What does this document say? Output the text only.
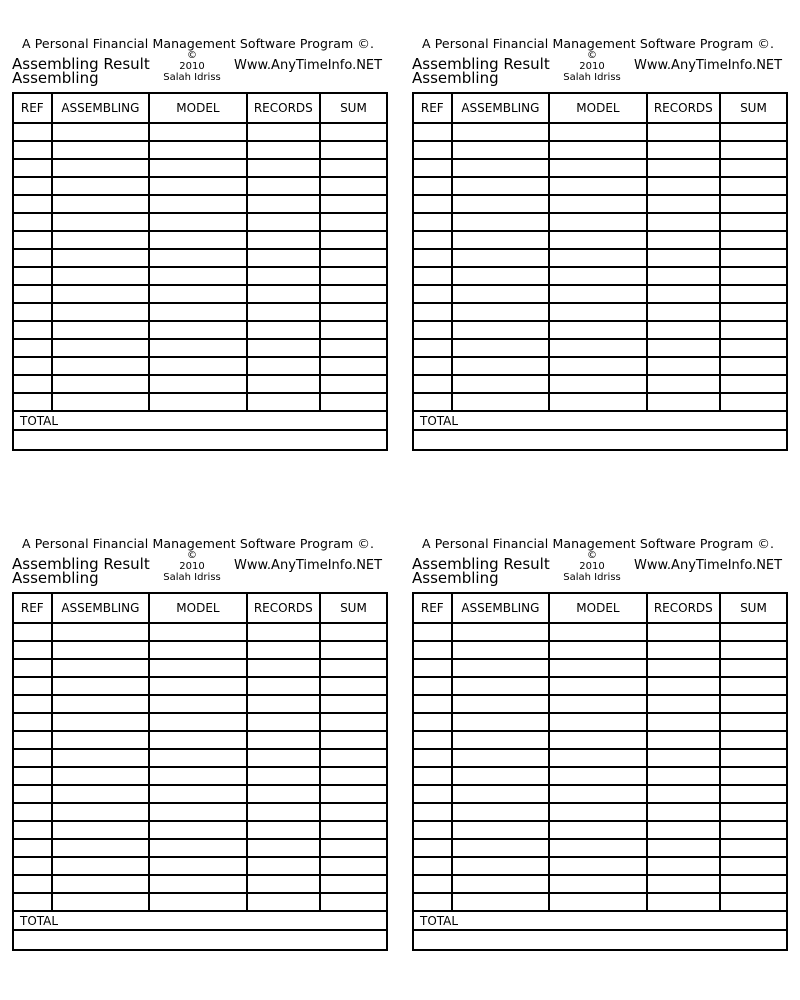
A Personal Financial Management Software Program ©.
Assembling Result
Assembling
©
2010
Salah Idriss
Www.AnyTimeInfo.NET
REF	ASSEMBLING	MODEL	RECORDS	SUM

TOTAL				

A Personal Financial Management Software Program ©.
Assembling Result
Assembling
©
2010
Salah Idriss
Www.AnyTimeInfo.NET
REF	ASSEMBLING	MODEL	RECORDS	SUM

TOTAL				

A Personal Financial Management Software Program ©.
Assembling Result
Assembling
©
2010
Salah Idriss
Www.AnyTimeInfo.NET
REF	ASSEMBLING	MODEL	RECORDS	SUM

TOTAL				

A Personal Financial Management Software Program ©.
Assembling Result
Assembling
©
2010
Salah Idriss
Www.AnyTimeInfo.NET
REF	ASSEMBLING	MODEL	RECORDS	SUM

TOTAL				
